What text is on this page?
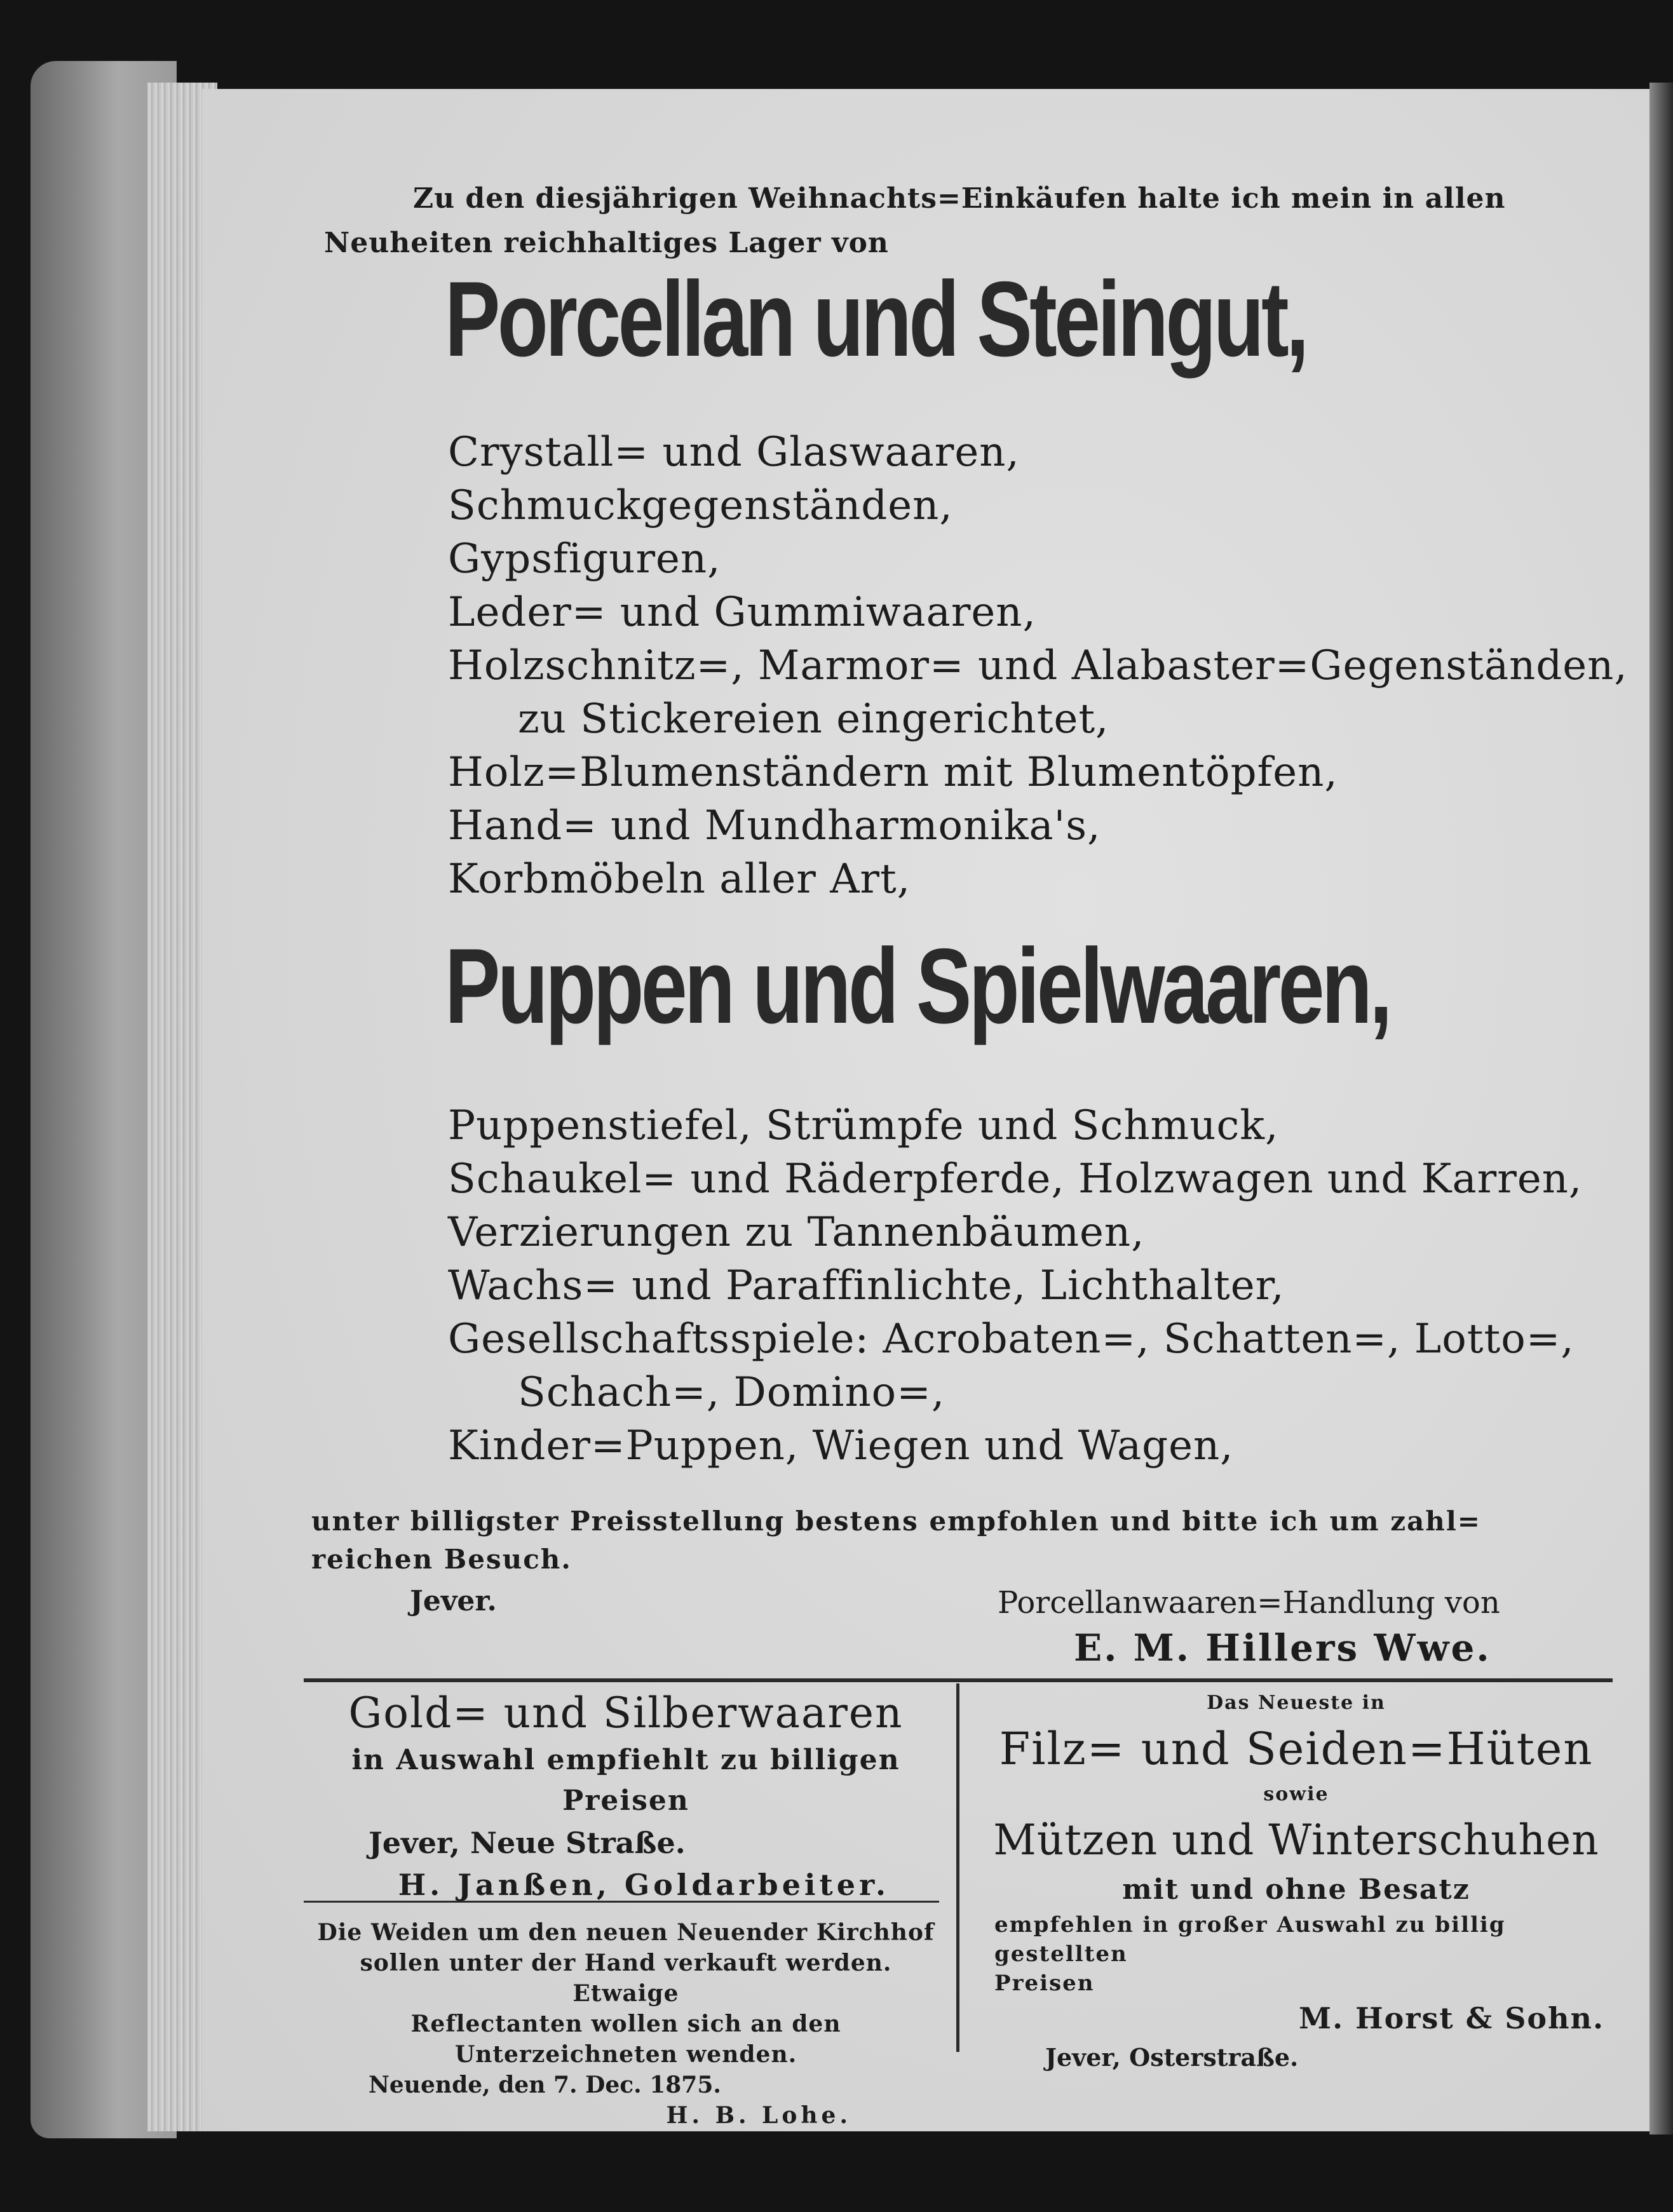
Zu den diesjährigen Weihnachts=Einkäufen halte ich mein in allen
Neuheiten reichhaltiges Lager von
Porcellan und Steingut,
Crystall= und Glaswaaren,
Schmuckgegenständen,
Gypsfiguren,
Leder= und Gummiwaaren,
Holzschnitz=, Marmor= und Alabaster=Gegenständen,
zu Stickereien eingerichtet,
Holz=Blumenständern mit Blumentöpfen,
Hand= und Mundharmonika's,
Korbmöbeln aller Art,
Puppen und Spielwaaren,
Puppenstiefel, Strümpfe und Schmuck,
Schaukel= und Räderpferde, Holzwagen und Karren,
Verzierungen zu Tannenbäumen,
Wachs= und Paraffinlichte, Lichthalter,
Gesellschaftsspiele: Acrobaten=, Schatten=, Lotto=,
Schach=, Domino=,
Kinder=Puppen, Wiegen und Wagen,
unter billigster Preisstellung bestens empfohlen und bitte ich um zahl=
reichen Besuch.
Jever.	Porcellanwaaren=Handlung von
E. M. Hillers Wwe.
Gold= und Silberwaaren
in Auswahl empfiehlt zu billigen
Preisen
Jever, Neue Straße.
H. Janßen, Goldarbeiter.
Die Weiden um den neuen Neuender Kirchhof
sollen unter der Hand verkauft werden. Etwaige
Reflectanten wollen sich an den Unterzeichneten wenden.
Neuende, den 7. Dec. 1875.
H. B. Lohe.
Das Neueste in
Filz= und Seiden=Hüten
sowie
Mützen und Winterschuhen
mit und ohne Besatz
empfehlen in großer Auswahl zu billig gestellten
Preisen
M. Horst & Sohn.
Jever, Osterstraße.
